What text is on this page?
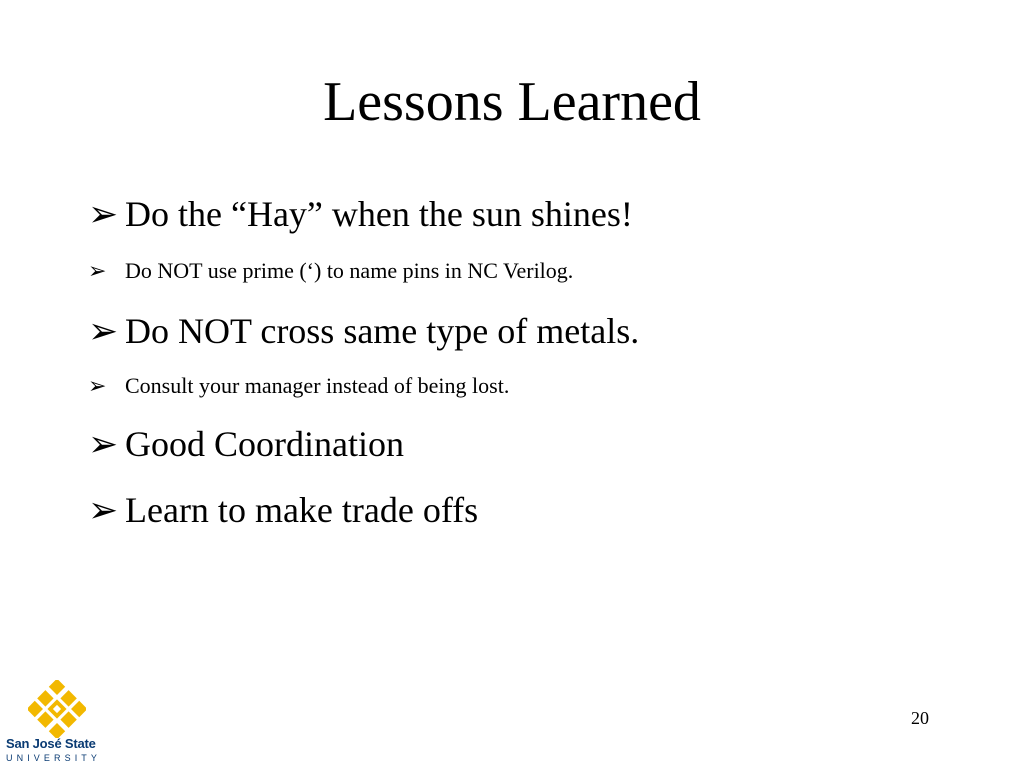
Lessons Learned
➢ Do the “Hay” when the sun shines!
➢ Do NOT use prime (‘) to name pins in NC Verilog.
➢ Do NOT cross same type of metals.
➢ Consult your manager instead of being lost.
➢ Good Coordination
➢ Learn to make trade offs
San José State
UNIVERSITY
20
